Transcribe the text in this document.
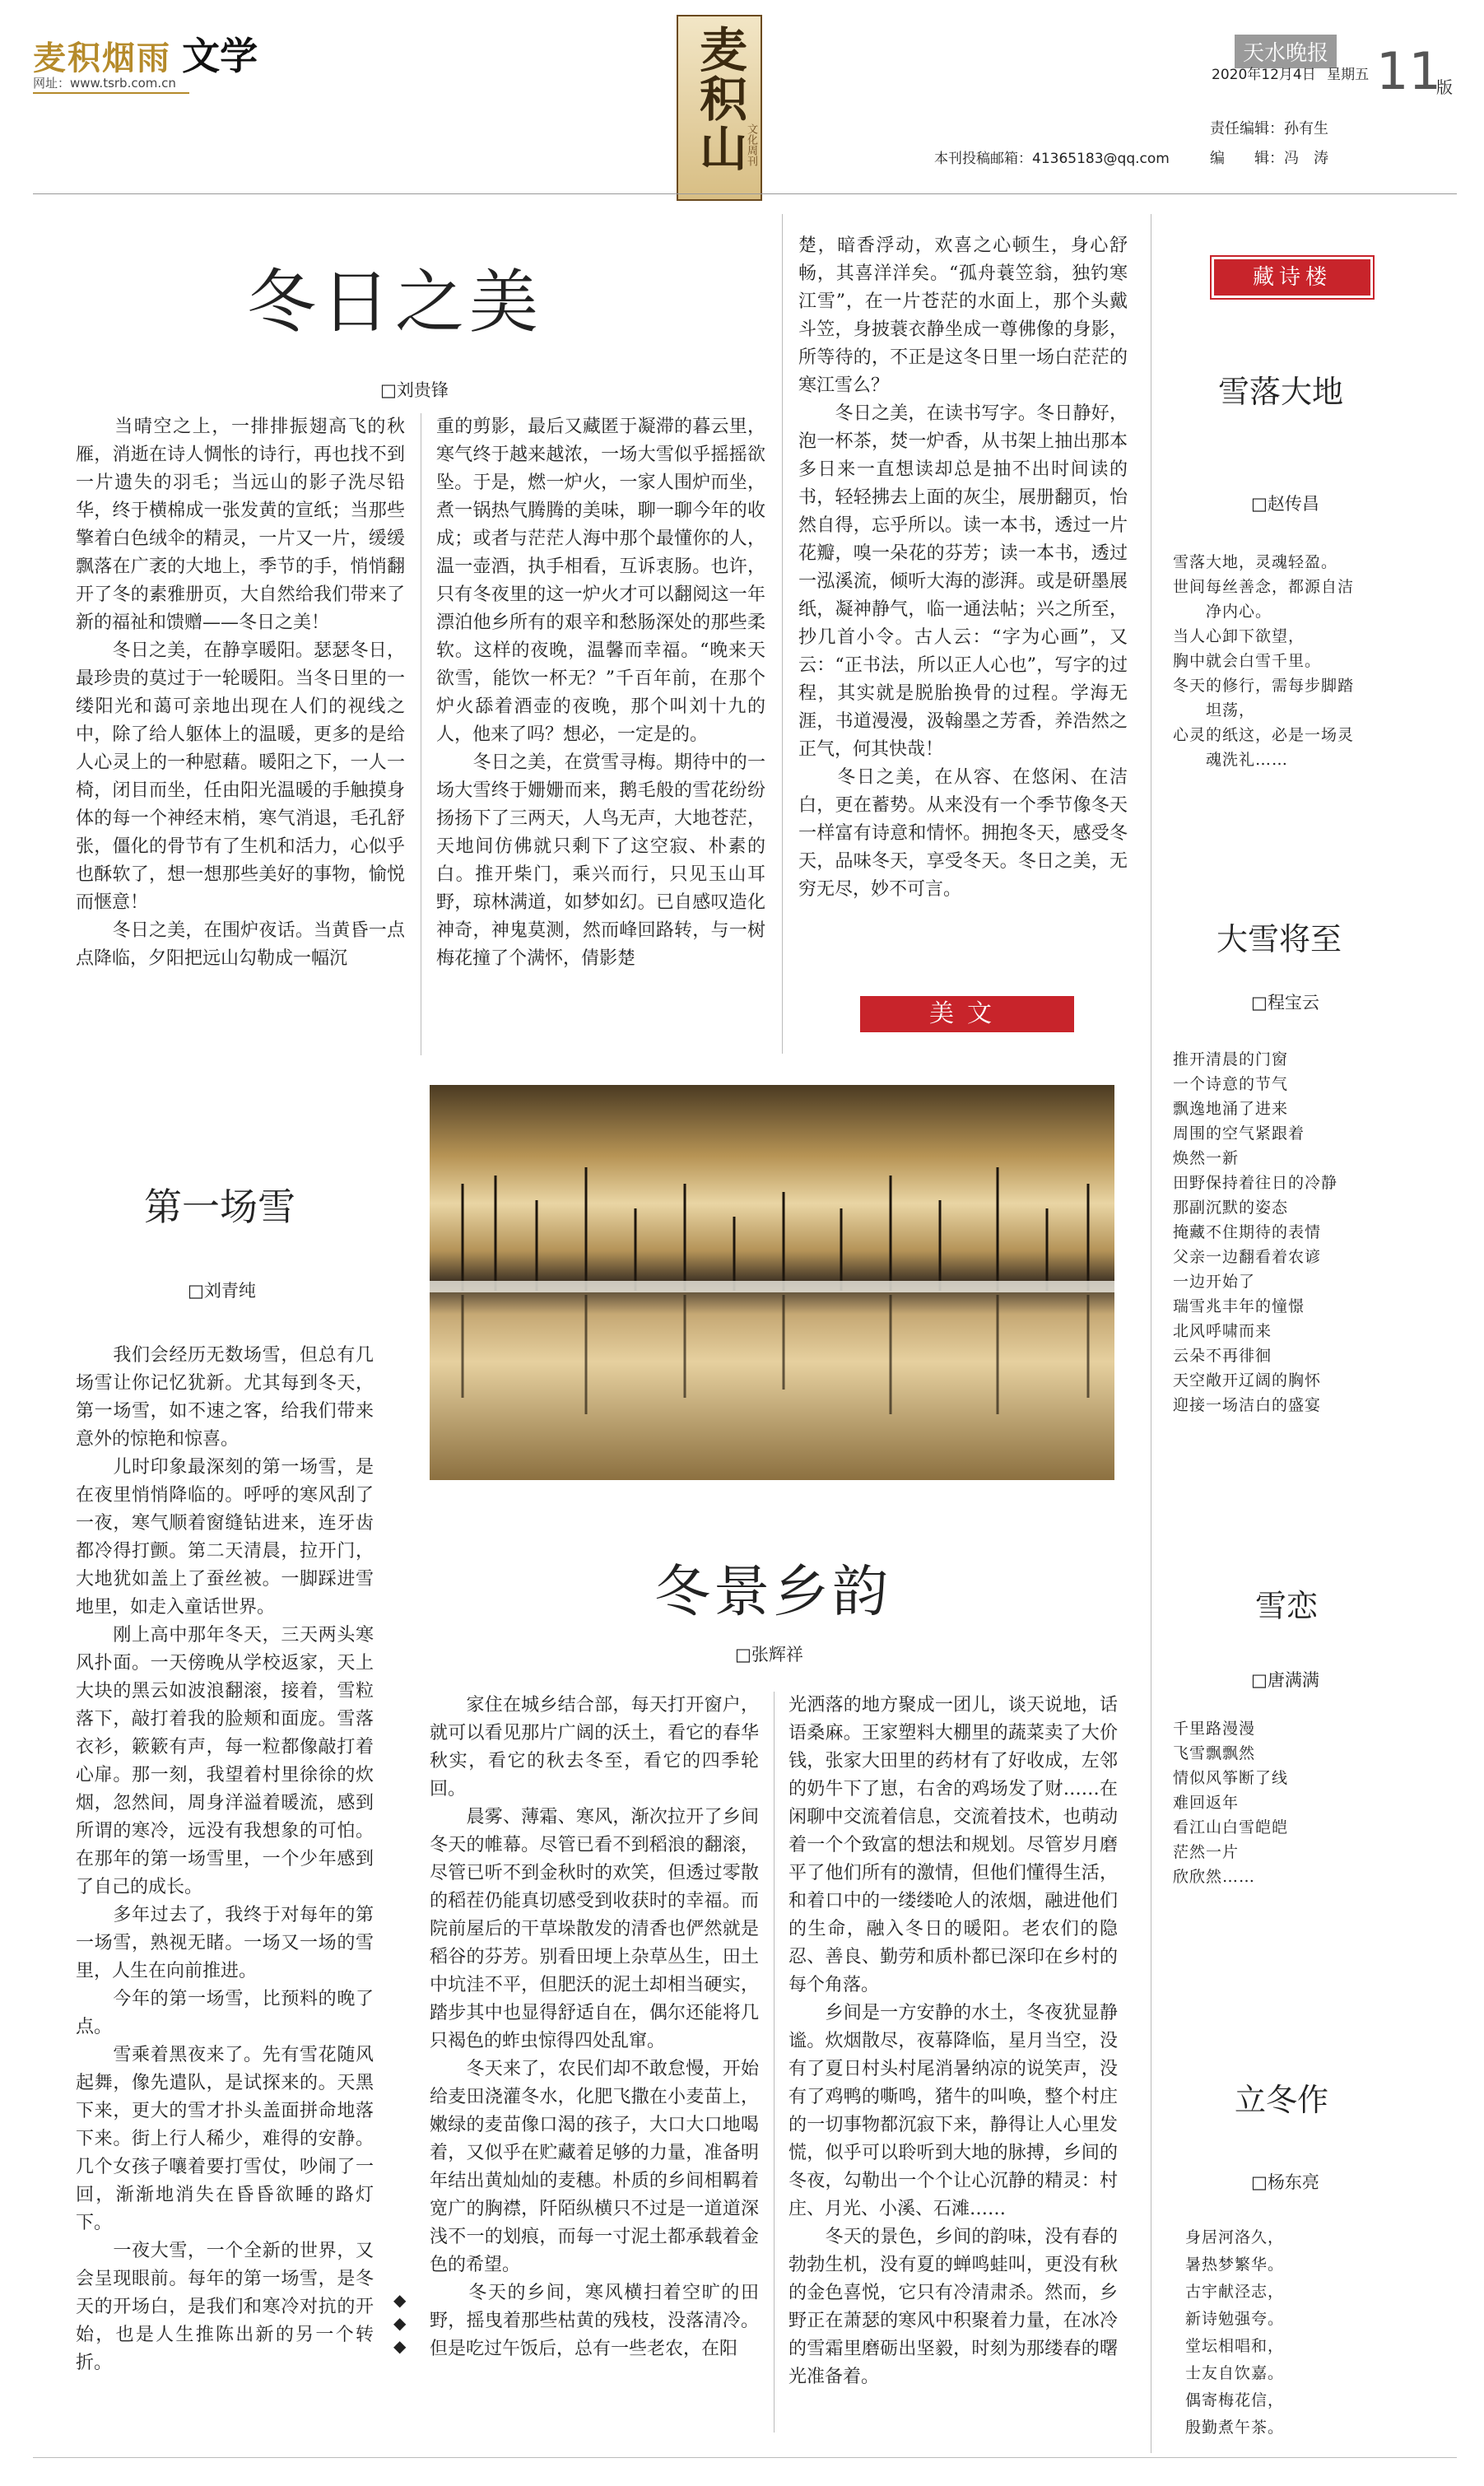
麦积烟雨 文学
网址：www.tsrb.com.cn	麦积山
文化周刊
天水晚报
2020年12月4日 星期五 11
版
本刊投稿邮箱：41365183@qq.com
责任编辑：孙有生
编　　辑：冯　涛
冬日之美
□刘贵锋
　　当晴空之上，一排排振翅高飞的秋雁，消逝在诗人惆怅的诗行，再也找不到一片遗失的羽毛；当远山的影子洗尽铅华，终于横棉成一张发黄的宣纸；当那些擎着白色绒伞的精灵，一片又一片，缓缓飘落在广袤的大地上，季节的手，悄悄翻开了冬的素雅册页，大自然给我们带来了新的福祉和馈赠——冬日之美！
　　冬日之美，在静享暖阳。瑟瑟冬日，最珍贵的莫过于一轮暖阳。当冬日里的一缕阳光和蔼可亲地出现在人们的视线之中，除了给人躯体上的温暖，更多的是给人心灵上的一种慰藉。暖阳之下，一人一椅，闭目而坐，任由阳光温暖的手触摸身体的每一个神经末梢，寒气消退，毛孔舒张，僵化的骨节有了生机和活力，心似乎也酥软了，想一想那些美好的事物，愉悦而惬意！
　　冬日之美，在围炉夜话。当黄昏一点点降临，夕阳把远山勾勒成一幅沉
重的剪影，最后又藏匿于凝滞的暮云里，寒气终于越来越浓，一场大雪似乎摇摇欲坠。于是，燃一炉火，一家人围炉而坐，煮一锅热气腾腾的美味，聊一聊今年的收成；或者与茫茫人海中那个最懂你的人，温一壶酒，执手相看，互诉衷肠。也许，只有冬夜里的这一炉火才可以翻阅这一年漂泊他乡所有的艰辛和愁肠深处的那些柔软。这样的夜晚，温馨而幸福。“晚来天欲雪，能饮一杯无？”千百年前，在那个炉火舔着酒壶的夜晚，那个叫刘十九的人，他来了吗？想必，一定是的。
　　冬日之美，在赏雪寻梅。期待中的一场大雪终于姗姗而来，鹅毛般的雪花纷纷扬扬下了三两天，人鸟无声，大地苍茫，天地间仿佛就只剩下了这空寂、朴素的白。推开柴门，乘兴而行，只见玉山耳野，琼林满道，如梦如幻。已自感叹造化神奇，神鬼莫测，然而峰回路转，与一树梅花撞了个满怀，倩影楚
楚，暗香浮动，欢喜之心顿生，身心舒畅，其喜洋洋矣。“孤舟蓑笠翁，独钓寒江雪”，在一片苍茫的水面上，那个头戴斗笠，身披蓑衣静坐成一尊佛像的身影，所等待的，不正是这冬日里一场白茫茫的寒江雪么？
　　冬日之美，在读书写字。冬日静好，泡一杯茶，焚一炉香，从书架上抽出那本多日来一直想读却总是抽不出时间读的书，轻轻拂去上面的灰尘，展册翻页，怡然自得，忘乎所以。读一本书，透过一片花瓣，嗅一朵花的芬芳；读一本书，透过一泓溪流，倾听大海的澎湃。或是研墨展纸，凝神静气，临一通法帖；兴之所至，抄几首小令。古人云：“字为心画”，又云：“正书法，所以正人心也”，写字的过程，其实就是脱胎换骨的过程。学海无涯，书道漫漫，汲翰墨之芳香，养浩然之正气，何其快哉！
　　冬日之美，在从容、在悠闲、在洁白，更在蓄势。从来没有一个季节像冬天一样富有诗意和情怀。拥抱冬天，感受冬天，品味冬天，享受冬天。冬日之美，无穷无尽，妙不可言。
美文
第一场雪
□刘青纯
　　我们会经历无数场雪，但总有几场雪让你记忆犹新。尤其每到冬天，第一场雪，如不速之客，给我们带来意外的惊艳和惊喜。
　　儿时印象最深刻的第一场雪，是在夜里悄悄降临的。呼呼的寒风刮了一夜，寒气顺着窗缝钻进来，连牙齿都冷得打颤。第二天清晨，拉开门，大地犹如盖上了蚕丝被。一脚踩进雪地里，如走入童话世界。
　　刚上高中那年冬天，三天两头寒风扑面。一天傍晚从学校返家，天上大块的黑云如波浪翻滚，接着，雪粒落下，敲打着我的脸颊和面庞。雪落衣衫，簌簌有声，每一粒都像敲打着心扉。那一刻，我望着村里徐徐的炊烟，忽然间，周身洋溢着暖流，感到所谓的寒冷，远没有我想象的可怕。在那年的第一场雪里，一个少年感到了自己的成长。
　　多年过去了，我终于对每年的第一场雪，熟视无睹。一场又一场的雪里，人生在向前推进。
　　今年的第一场雪，比预料的晚了点。
　　雪乘着黑夜来了。先有雪花随风起舞，像先遣队，是试探来的。天黑下来，更大的雪才扑头盖面拼命地落下来。街上行人稀少，难得的安静。几个女孩子嚷着要打雪仗，吵闹了一回，渐渐地消失在昏昏欲睡的路灯下。
　　一夜大雪，一个全新的世界，又会呈现眼前。每年的第一场雪，是冬天的开场白，是我们和寒冷对抗的开始，也是人生推陈出新的另一个转折。
冬景乡韵
□张辉祥
　　家住在城乡结合部，每天打开窗户，就可以看见那片广阔的沃土，看它的春华秋实，看它的秋去冬至，看它的四季轮回。
　　晨雾、薄霜、寒风，渐次拉开了乡间冬天的帷幕。尽管已看不到稻浪的翻滚，尽管已听不到金秋时的欢笑，但透过零散的稻茬仍能真切感受到收获时的幸福。而院前屋后的干草垛散发的清香也俨然就是稻谷的芬芳。别看田埂上杂草丛生，田土中坑洼不平，但肥沃的泥土却相当硬实，踏步其中也显得舒适自在，偶尔还能将几只褐色的蚱虫惊得四处乱窜。
　　冬天来了，农民们却不敢怠慢，开始给麦田浇灌冬水，化肥飞撒在小麦苗上，嫩绿的麦苗像口渴的孩子，大口大口地喝着，又似乎在贮藏着足够的力量，准备明年结出黄灿灿的麦穗。朴质的乡间相羁着宽广的胸襟，阡陌纵横只不过是一道道深浅不一的划痕，而每一寸泥土都承载着金色的希望。
　　冬天的乡间，寒风横扫着空旷的田野，摇曳着那些枯黄的残枝，没落清冷。但是吃过午饭后，总有一些老农，在阳
光洒落的地方聚成一团儿，谈天说地，话语桑麻。王家塑料大棚里的蔬菜卖了大价钱，张家大田里的药材有了好收成，左邻的奶牛下了崽，右舍的鸡场发了财……在闲聊中交流着信息，交流着技术，也萌动着一个个致富的想法和规划。尽管岁月磨平了他们所有的激情，但他们懂得生活，和着口中的一缕缕呛人的浓烟，融进他们的生命，融入冬日的暖阳。老农们的隐忍、善良、勤劳和质朴都已深印在乡村的每个角落。
　　乡间是一方安静的水土，冬夜犹显静谧。炊烟散尽，夜幕降临，星月当空，没有了夏日村头村尾消暑纳凉的说笑声，没有了鸡鸭的嘶鸣，猪牛的叫唤，整个村庄的一切事物都沉寂下来，静得让人心里发慌，似乎可以聆听到大地的脉搏，乡间的冬夜，勾勒出一个个让心沉静的精灵：村庄、月光、小溪、石滩……
　　冬天的景色，乡间的韵味，没有春的勃勃生机，没有夏的蝉鸣蛙叫，更没有秋的金色喜悦，它只有冷清肃杀。然而，乡野正在萧瑟的寒风中积聚着力量，在冰冷的雪霜里磨砺出坚毅，时刻为那缕春的曙光准备着。
◆
◆
◆
藏诗楼
雪落大地
□赵传昌
雪落大地，灵魂轻盈。
世间每丝善念，都源自洁
　　净内心。
当人心卸下欲望，
胸中就会白雪千里。
冬天的修行，需每步脚踏
　　坦荡，
心灵的纸这，必是一场灵
　　魂洗礼……
大雪将至
□程宝云
推开清晨的门窗
一个诗意的节气
飘逸地涌了进来
周围的空气紧跟着
焕然一新
田野保持着往日的冷静
那副沉默的姿态
掩藏不住期待的表情
父亲一边翻看着农谚
一边开始了
瑞雪兆丰年的憧憬
北风呼啸而来
云朵不再徘徊
天空敞开辽阔的胸怀
迎接一场洁白的盛宴
雪恋
□唐满满
千里路漫漫
飞雪飘飘然
情似风筝断了线
难回返年
看江山白雪皑皑
茫然一片
欣欣然……
立冬作
□杨东亮
身居河洛久，
暑热梦繁华。
古宇献泾志，
新诗勉强夸。
堂坛相唱和，
士友自饮嘉。
偶寄梅花信，
殷勤煮午茶。
